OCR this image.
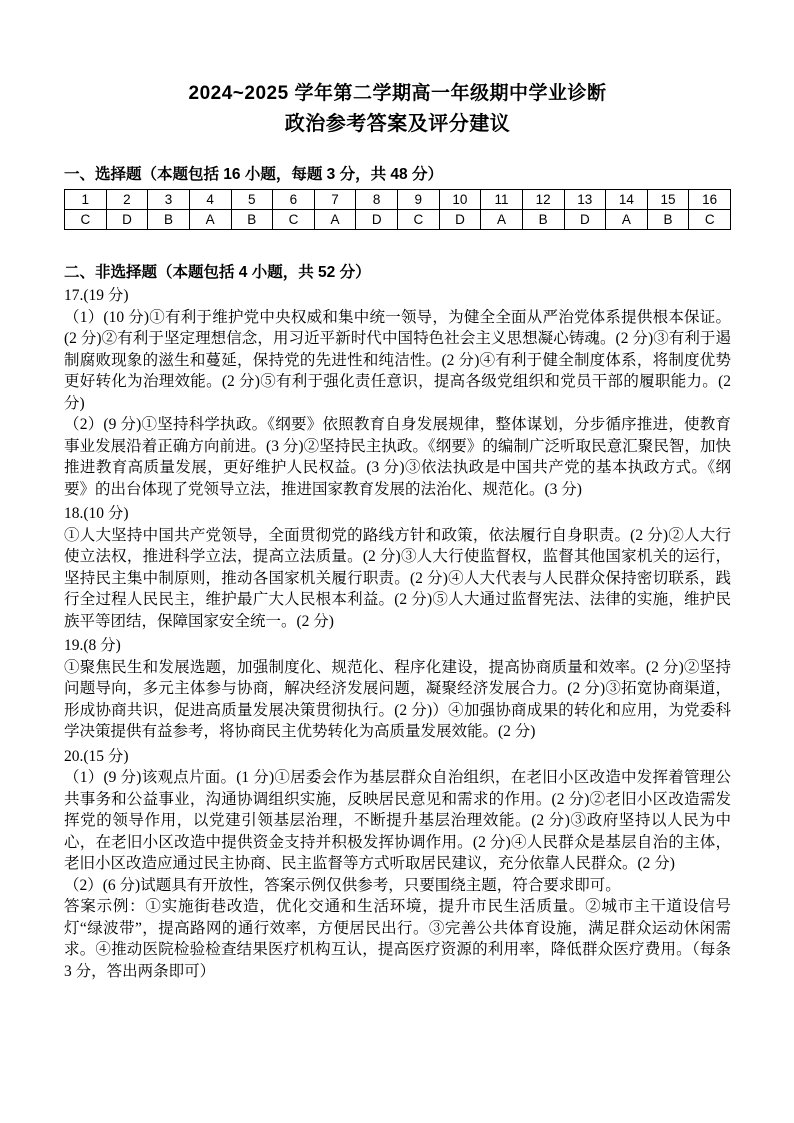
2024~2025 学年第二学期高一年级期中学业诊断
政治参考答案及评分建议
一、选择题（本题包括 16 小题，每题 3 分，共 48 分）
1	2	3	4	5	6	7	8	9	10	11	12	13	14	15	16
C	D	B	A	B	C	A	D	C	D	A	B	D	A	B	C
二、非选择题（本题包括 4 小题，共 52 分）
17.(19 分)

（1）(10 分)①有利于维护党中央权威和集中统一领导，为健全全面从严治党体系提供根本保证。(2 分)②有利于坚定理想信念，用习近平新时代中国特色社会主义思想凝心铸魂。(2 分)③有利于遏制腐败现象的滋生和蔓延，保持党的先进性和纯洁性。(2 分)④有利于健全制度体系，将制度优势更好转化为治理效能。(2 分)⑤有利于强化责任意识，提高各级党组织和党员干部的履职能力。(2 分)

（2）(9 分)①坚持科学执政。《纲要》依照教育自身发展规律，整体谋划，分步循序推进，使教育事业发展沿着正确方向前进。(3 分)②坚持民主执政。《纲要》的编制广泛听取民意汇聚民智，加快推进教育高质量发展，更好维护人民权益。(3 分)③依法执政是中国共产党的基本执政方式。《纲要》的出台体现了党领导立法，推进国家教育发展的法治化、规范化。(3 分)

18.(10 分)

①人大坚持中国共产党领导，全面贯彻党的路线方针和政策，依法履行自身职责。(2 分)②人大行使立法权，推进科学立法，提高立法质量。(2 分)③人大行使监督权，监督其他国家机关的运行，坚持民主集中制原则，推动各国家机关履行职责。(2 分)④人大代表与人民群众保持密切联系，践行全过程人民民主，维护最广大人民根本利益。(2 分)⑤人大通过监督宪法、法律的实施，维护民族平等团结，保障国家安全统一。(2 分)

19.(8 分)

①聚焦民生和发展选题，加强制度化、规范化、程序化建设，提高协商质量和效率。(2 分)②坚持问题导向，多元主体参与协商，解决经济发展问题，凝聚经济发展合力。(2 分)③拓宽协商渠道，形成协商共识，促进高质量发展决策贯彻执行。(2 分)）④加强协商成果的转化和应用，为党委科学决策提供有益参考，将协商民主优势转化为高质量发展效能。(2 分)

20.(15 分)

（1）(9 分)该观点片面。(1 分)①居委会作为基层群众自治组织，在老旧小区改造中发挥着管理公共事务和公益事业，沟通协调组织实施，反映居民意见和需求的作用。(2 分)②老旧小区改造需发挥党的领导作用，以党建引领基层治理，不断提升基层治理效能。(2 分)③政府坚持以人民为中心，在老旧小区改造中提供资金支持并积极发挥协调作用。(2 分)④人民群众是基层自治的主体，老旧小区改造应通过民主协商、民主监督等方式听取居民建议，充分依靠人民群众。(2 分)

（2）(6 分)试题具有开放性，答案示例仅供参考，只要围绕主题，符合要求即可。

答案示例：①实施街巷改造，优化交通和生活环境，提升市民生活质量。②城市主干道设信号灯“绿波带”，提高路网的通行效率，方便居民出行。③完善公共体育设施，满足群众运动休闲需求。④推动医院检验检查结果医疗机构互认，提高医疗资源的利用率，降低群众医疗费用。（每条 3 分，答出两条即可）
